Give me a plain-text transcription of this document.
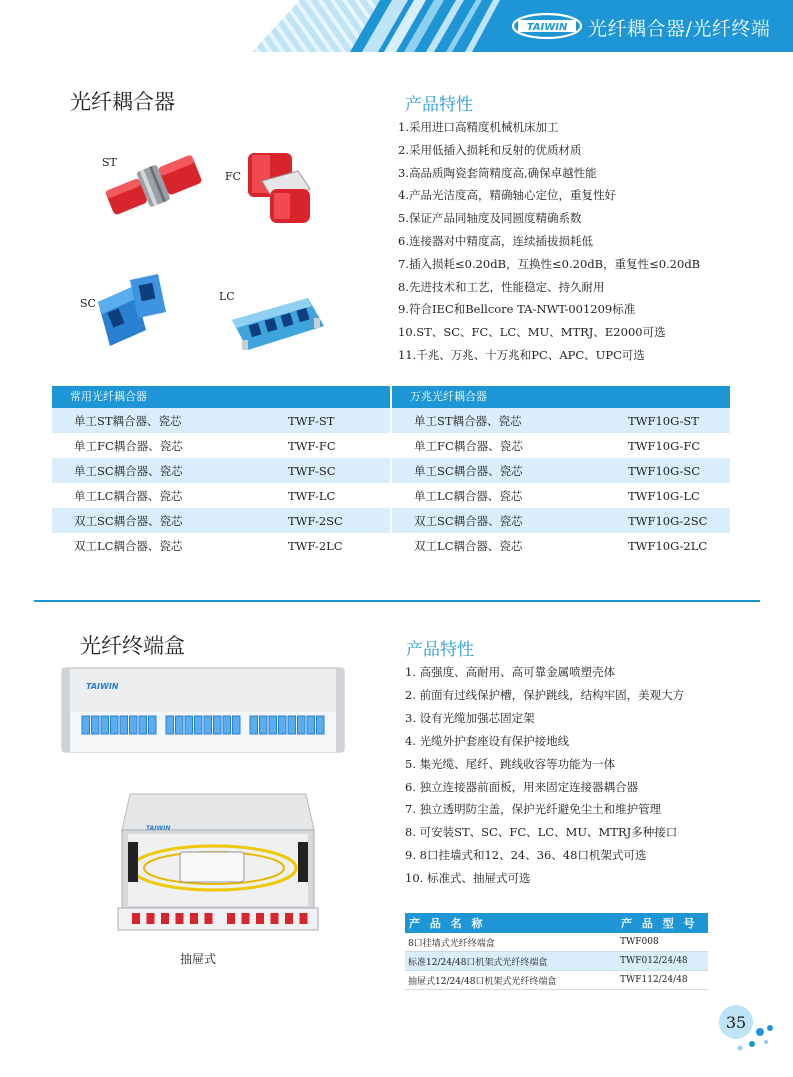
TAIWIN 光纤耦合器/光纤终端
光纤耦合器
ST
FC
SC
LC
产品特性
1.采用进口高精度机械机床加工
2.采用低插入损耗和反射的优质材质
3.高品质陶瓷套筒精度高,确保卓越性能
4.产品光洁度高，精确轴心定位，重复性好
5.保证产品同轴度及同圆度精确系数
6.连接器对中精度高，连续插拔损耗低
7.插入损耗≤0.20dB，互换性≤0.20dB，重复性≤0.20dB
8.先进技术和工艺，性能稳定、持久耐用
9.符合IEC和Bellcore TA-NWT-001209标准
10.ST、SC、FC、LC、MU、MTRJ、E2000可选
11.千兆、万兆、十万兆和PC、APC、UPC可选
常用光纤耦合器
单工ST耦合器、瓷芯	TWF-ST
单工FC耦合器、瓷芯	TWF-FC
单工SC耦合器、瓷芯	TWF-SC
单工LC耦合器、瓷芯	TWF-LC
双工SC耦合器、瓷芯	TWF-2SC
双工LC耦合器、瓷芯	TWF-2LC
万兆光纤耦合器
单工ST耦合器、瓷芯	TWF10G-ST
单工FC耦合器、瓷芯	TWF10G-FC
单工SC耦合器、瓷芯	TWF10G-SC
单工LC耦合器、瓷芯	TWF10G-LC
双工SC耦合器、瓷芯	TWF10G-2SC
双工LC耦合器、瓷芯	TWF10G-2LC
光纤终端盒
TAIWIN
TAIWIN
抽屉式
产品特性
1. 高强度、高耐用、高可靠金属喷塑壳体
2. 前面有过线保护槽，保护跳线，结构牢固，美观大方
3. 设有光缆加强芯固定架
4. 光缆外护套座设有保护接地线
5. 集光缆、尾纤、跳线收容等功能为一体
6. 独立连接器前面板，用来固定连接器耦合器
7. 独立透明防尘盖，保护光纤避免尘土和维护管理
8. 可安装ST、SC、FC、LC、MU、MTRJ多种接口
9. 8口挂墙式和12、24、36、48口机架式可选
10. 标准式、抽屉式可选
产 品 名 称	产 品 型 号
8口挂墙式光纤终端盒	TWF008
标准12/24/48口机架式光纤终端盒	TWF012/24/48
抽屉式12/24/48口机架式光纤终端盒	TWF112/24/48
35
